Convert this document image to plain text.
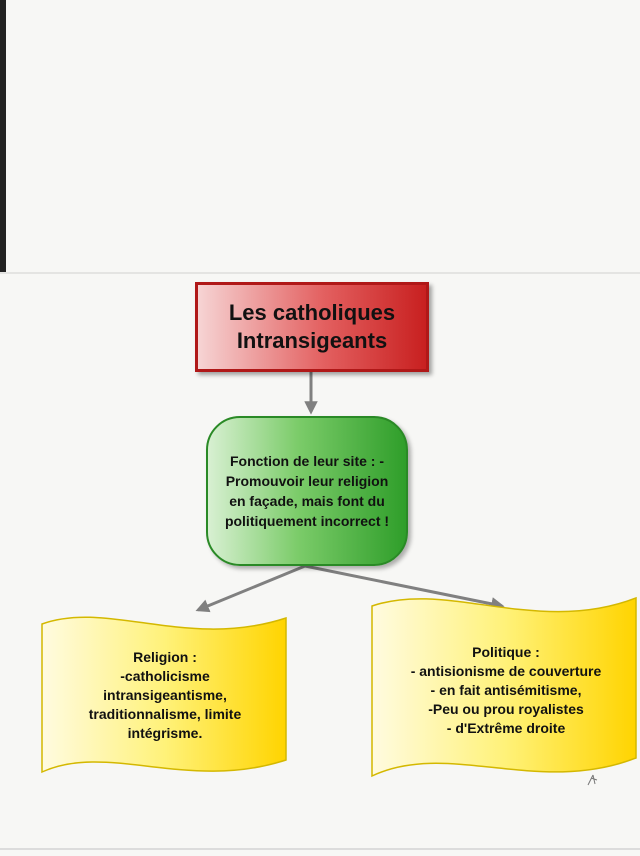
Les catholiques Intransigeants
Fonction de leur site : -Promouvoir leur religion en façade, mais font du politiquement incorrect !
Religion :
-catholicisme
intransigeantisme,
traditionnalisme, limite
intégrisme.
Politique :
- antisionisme de couverture
- en fait antisémitisme,
-Peu ou prou royalistes
- d'Extrême droite
